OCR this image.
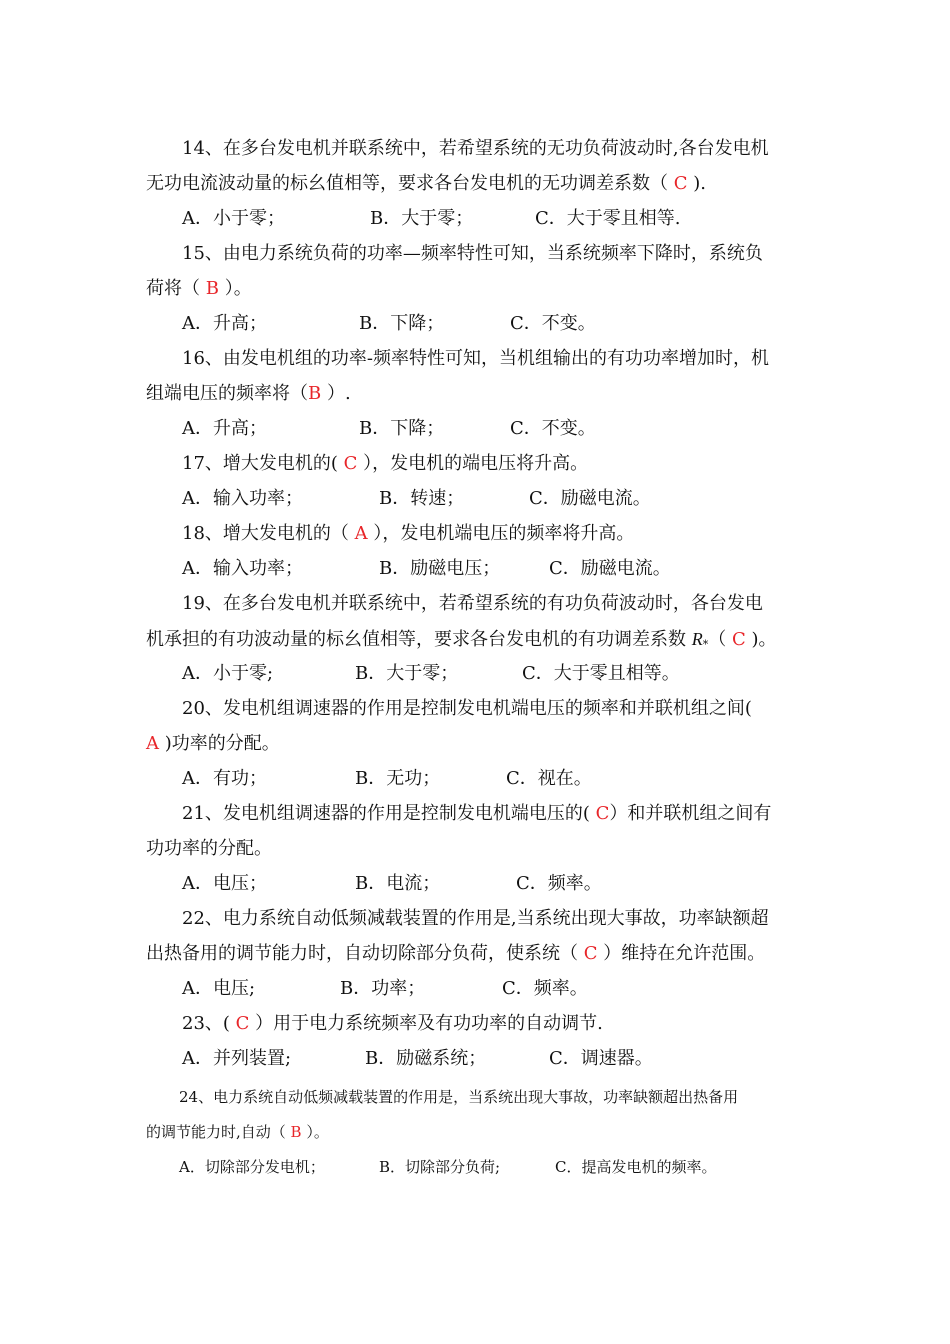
14、在多台发电机并联系统中，若希望系统的无功负荷波动时,各台发电机
无功电流波动量的标幺值相等，要求各台发电机的无功调差系数（ C ).
A．小于零；	B．大于零；	C．大于零且相等.
15、由电力系统负荷的功率—频率特性可知，当系统频率下降时，系统负
荷将（ B ）。
A．升高；	B．下降；	C．不变。
16、由发电机组的功率-频率特性可知，当机组输出的有功功率增加时，机
组端电压的频率将（B ）.
A．升高；	B．下降；	C．不变。
17、增大发电机的( C ），发电机的端电压将升高。
A．输入功率；	B．转速；	C．励磁电流。
18、增大发电机的（ A ），发电机端电压的频率将升高。
A．输入功率；	B．励磁电压；	C．励磁电流。
19、在多台发电机并联系统中，若希望系统的有功负荷波动时，各台发电
机承担的有功波动量的标幺值相等，要求各台发电机的有功调差系数 $R_*$（ C )。
A．小于零;	B．大于零；	C．大于零且相等。
20、发电机组调速器的作用是控制发电机端电压的频率和并联机组之间(
A )功率的分配。
A．有功；	B．无功；	C．视在。
21、发电机组调速器的作用是控制发电机端电压的( C）和并联机组之间有
功功率的分配。
A．电压；	B．电流；	C．频率。
22、电力系统自动低频减载装置的作用是,当系统出现大事故，功率缺额超
出热备用的调节能力时，自动切除部分负荷，使系统（ C ）维持在允许范围。
A．电压;	B．功率；	C．频率。
23、( C ）用于电力系统频率及有功功率的自动调节.
A．并列装置;	B．励磁系统；	C．调速器。
24、电力系统自动低频减载装置的作用是，当系统出现大事故，功率缺额超出热备用
的调节能力时,自动（ B ）。
A．切除部分发电机；	B．切除部分负荷;	C．提高发电机的频率。
